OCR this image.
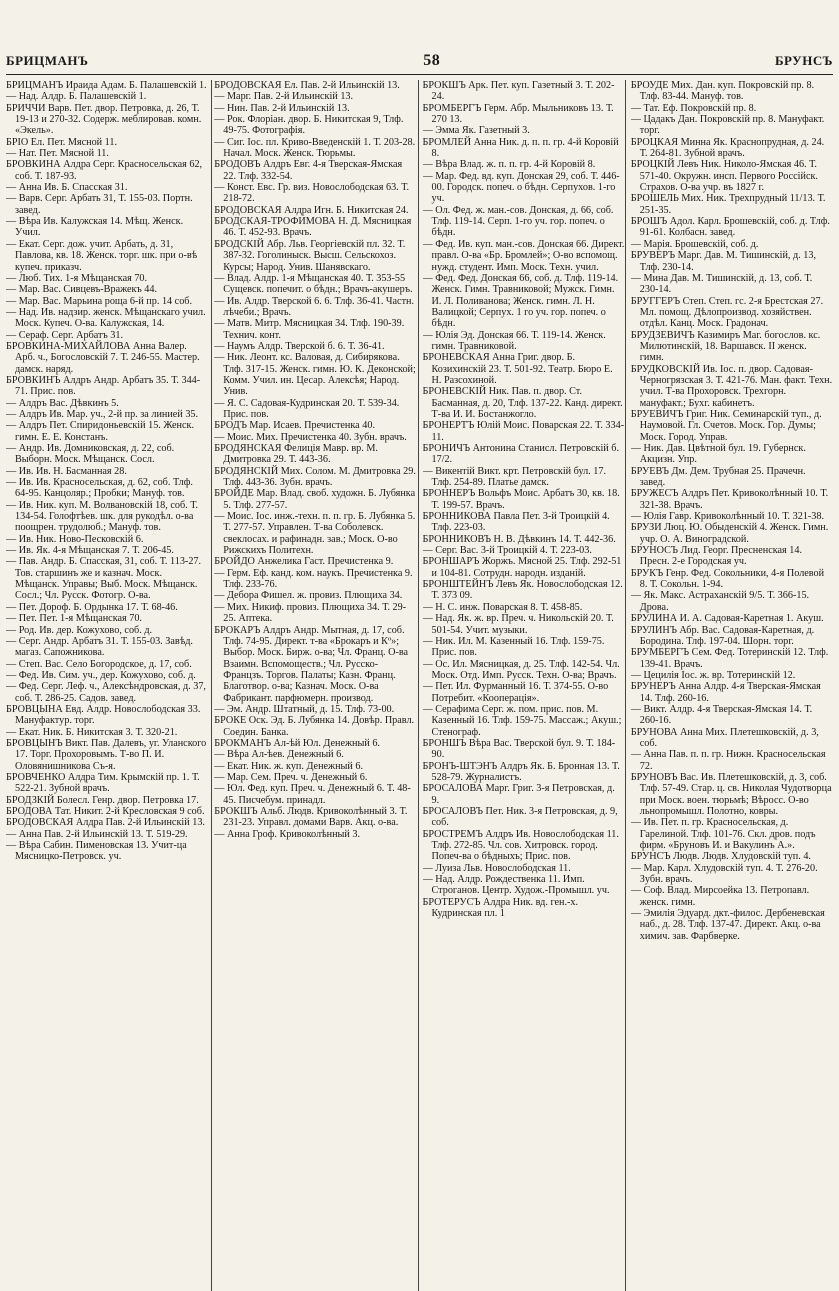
БРИЦМАНЪ	58	БРУНСЪ

БРИЦМАНЪ Ираида Адам. Б. Палашевскій 1.

— Над. Алдр. Б. Палашевскій 1.

БРИЧЧИ Варв. Пет. двор. Петровка, д. 26, Т. 19-13 и 270-32. Содерж. меблировав. комн. «Экель».

БРІО Ел. Пет. Мясной 11.

— Нат. Пет. Мясной 11.

БРОВКИНА Алдра Серг. Красносельская 62, соб. Т. 187-93.

— Анна Ив. Б. Спасская 31.

— Варв. Серг. Арбать 31, Т. 155-03. Портн. завед.

— Вѣра Ив. Калужская 14. Мѣщ. Женск. Учил.

— Екат. Серг. дож. учит. Арбать, д. 31, Павлова, кв. 18. Женск. торг. шк. при о-вѣ купеч. приказч.

— Люб. Тих. 1-я Мѣщанская 70.

— Мар. Вас. Сивцевъ-Вражекъ 44.

— Мар. Вас. Марьина роща 6-й пр. 14 соб.

— Над. Ив. надзир. женск. Мѣщанскаго учил. Моск. Купеч. О-ва. Калужская, 14.

— Сераф. Серг. Арбатъ 31.

БРОВКИНА-МИХАЙЛОВА Анна Валер. Арб. ч., Богословскій 7. Т. 246-55. Мастер. дамск. наряд.

БРОВКИНЪ Алдръ Андр. Арбатъ 35. Т. 344-71. Прис. пов.

— Алдръ Вас. Дѣвкинъ 5.

— Алдръ Ив. Мар. уч., 2-й пр. за линией 35.

— Алдръ Пет. Спиридоньевскій 15. Женск. гимн. Е. Е. Констанъ.

— Андр. Ив. Домниковская, д. 22, соб. Выборн. Моск. Мѣщанск. Сосл.

— Ив. Ив. Н. Басманная 28.

— Ив. Ив. Красносельская, д. 62, соб. Тлф. 64-95. Канцоляр.; Пробки; Мануф. тов.

— Ив. Ник. куп. М. Волвановскій 18, соб. Т. 134-54. Голофтѣев. шк. для рукодѣл. о-ва поощрен. трудолюб.; Мануф. тов.

— Ив. Ник. Ново-Песковскій 6.

— Ив. Як. 4-я Мѣщанская 7. Т. 206-45.

— Пав. Андр. Б. Спасская, 31, соб. Т. 113-27. Тов. старшинъ же и казнач. Моск. Мѣщанск. Управы; Выб. Моск. Мѣщанск. Сосл.; Чл. Русск. Фотогр. О-ва.

— Пет. Дороф. Б. Ордынка 17. Т. 68-46.

— Пет. Пет. 1-я Мѣщанская 70.

— Род. Ив. дер. Кожуховo, соб. д.

— Серг. Андр. Арбатъ 31. Т. 155-03. Завѣд. магаз. Сапожникова.

— Степ. Вас. Село Богородское, д. 17, соб.

— Фед. Ив. Сим. уч., дер. Кожухово, соб. д.

— Фед. Серг. Леф. ч., Алексѣндровская, д. 37, соб. Т. 286-25. Садов. завед.

БРОВЦЫНА Евд. Алдр. Новослободская 33. Мануфактур. торг.

— Екат. Ник. Б. Никитская 3. Т. 320-21.

БРОВЦЫНЪ Викт. Пав. Далевъ, уг. Уланского 17. Торг. Прохоровымъ. Т-во П. И. Оловянишникова Съ-я.

БРОВЧЕНКО Алдра Тим. Крымскій пр. 1. Т. 522-21. Зубной врачъ.

БРОДЗКІЙ Болесл. Генр. двор. Петровка 17.

БРОДОВА Тат. Никит. 2-й Кресловская 9 соб.

БРОДОВСКАЯ Алдра Пав. 2-й Ильинскій 13.

— Анна Пав. 2-й Ильинскій 13. Т. 519-29.

— Вѣра Сабин. Пименовская 13. Учит-ца Мясницко-Петровск. уч.

БРОДОВСКАЯ Ел. Пав. 2-й Ильинскій 13.

— Марг. Пав. 2-й Ильинскій 13.

— Нин. Пав. 2-й Ильинскій 13.

— Рок. Флоріан. двор. Б. Никитская 9, Тлф. 49-75. Фотографія.

— Сиг. Іос. пл. Криво-Введенскій 1. Т. 203-28. Начал. Моск. Женск. Тюрьмы.

БРОДОВЪ Алдръ Евг. 4-я Тверская-Ямская 22. Тлф. 332-54.

— Конст. Евс. Гр. виз. Новослободская 63. Т. 218-72.

БРОДОВСКАЯ Алдра Игн. Б. Никитская 24.

БРОДСКАЯ-ТРОФИМОВА Н. Д. Мясницкая 46. Т. 452-93. Врачъ.

БРОДСКІЙ Абр. Льв. Георгіевскій пл. 32. Т. 387-32. Гоголиныск. Высш. Сельскохоз. Курсы; Народ. Унив. Шанявскаго.

— Влад. Алдр. 1-я Мѣщанская 40. Т. 353-55 Сущевск. попечит. о бѣдн.; Врачъ-акушеръ.

— Ив. Алдр. Тверской 6. 6. Тлф. 36-41. Частн. лѣчеби.; Врачъ.

— Матв. Митр. Мясницкая 34. Тлф. 190-39. Технич. конт.

— Наумъ Алдр. Тверской б. 6. Т. 36-41.

— Ник. Леонт. кс. Валовая, д. Сибиряковa. Тлф. 317-15. Женск. гимн. Ю. К. Деконской; Комм. Учил. ин. Цесар. Алексѣя; Народ. Унив.

— Я. С. Садовая-Кудринская 20. Т. 539-34. Прис. пов.

БРОДЪ Мар. Исаев. Пречистенка 40.

— Моис. Мих. Пречистенка 40. Зубн. врачъ.

БРОДЯНСКАЯ Фелиція Мавр. вр. М. Дмитровка 29. Т. 443-36.

БРОДЯНСКІЙ Мих. Солом. М. Дмитровка 29. Тлф. 443-36. Зубн. врачъ.

БРОЙДЕ Мар. Влад. своб. художн. Б. Лубянка 5. Тлф. 277-57.

— Моис. Іос. инж.-техн. п. п. гр. Б. Лубянка 5. Т. 277-57. Управлен. Т-ва Соболевск. свеклосах. и рафинадн. зав.; Моск. О-во Рижскихъ Политехн.

БРОЙДО Анжелика Гаст. Пречистенка 9.

— Герм. Еф. канд. ком. наукъ. Пречистенка 9. Тлф. 233-76.

— Дебора Фишел. ж. провиз. Плющиха 34.

— Мих. Никиф. провиз. Плющиха 34. Т. 29-25. Аптека.

БРОКАРЪ Алдръ Андр. Мытная, д. 17, соб. Тлф. 74-95. Директ. т-ва «Брокаръ и Кº»; Выбор. Моск. Бирж. о-ва; Чл. Франц. О-ва Взаимн. Вспомоществ.; Чл. Русско-Францзъ. Торгов. Палаты; Казн. Франц. Благотвор. о-ва; Казнач. Моск. О-ва Фабрикант. парфюмерн. производ.

— Эм. Андр. Штатный, д. 15. Тлф. 73-00.

БРОКЕ Оск. Эд. Б. Лубянка 14. Довѣр. Правл. Соедин. Банка.

БРОКМАНЪ Ал-ѣй Юл. Денежный 6.

— Вѣра Ал-ѣев. Денежный 6.

— Екат. Ник. ж. куп. Денежный 6.

— Мар. Сем. Преч. ч. Денежный 6.

— Юл. Фед. куп. Преч. ч. Денежный 6. Т. 48-45. Писчебум. принадл.

БРОКШЪ Альб. Людв. Кривоколѣнный 3. Т. 231-23. Управл. домами Варв. Акц. о-ва.

— Анна Гроф. Кривоколѣнный 3.

БРОКШЪ Арк. Пет. куп. Газетный 3. Т. 202-24.

БРОМБЕРГЪ Герм. Абр. Мыльниковъ 13. Т. 270 13.

— Эмма Як. Газетный 3.

БРОМЛЕЙ Анна Ник. д. п. п. гр. 4-й Коровій 8.

— Вѣра Влад. ж. п. п. гр. 4-й Коровій 8.

— Мар. Фед. вд. куп. Донская 29, соб. Т. 446-00. Городск. попеч. о бѣдн. Серпухов. 1-го уч.

— Ол. Фед. ж. ман.-сов. Донская, д. 66, соб. Тлф. 119-14. Серп. 1-го уч. гор. попеч. о бѣдн.

— Фед. Ив. куп. ман.-сов. Донская 66. Директ. правл. О-ва «Бр. Бромлей»; О-во вспомощ. нужд. студент. Имп. Моск. Техн. учил.

— Фед. Фед. Донская 66, соб. д. Тлф. 119-14. Женск. Гимн. Травниковой; Мужск. Гимн. И. Л. Поливанова; Женск. гимн. Л. Н. Валицкой; Серпух. 1 го уч. гор. попеч. о бѣдн.

— Юлія Эд. Донская 66. Т. 119-14. Женск. гимн. Травниковой.

БРОНЕВСКАЯ Анна Григ. двор. Б. Козихинскій 23. Т. 501-92. Театр. Бюро Е. Н. Разсохиной.

БРОНЕВСКІЙ Ник. Пав. п. двор. Ст. Басманная, д. 20, Тлф. 137-22. Канд. директ. Т-ва И. И. Бостанжогло.

БРОНЕРТЪ Юлій Моис. Поварская 22. Т. 334-11.

БРОНИЧЪ Антонина Станисл. Петровскій б. 17/2.

— Викентій Викт. крт. Петровскій бул. 17. Тлф. 254-89. Платье дамск.

БРОННЕРЪ Вольфъ Моис. Арбатъ 30, кв. 18. Т. 199-57. Врачъ.

БРОННИКОВА Пaвла Пет. 3-й Троицкій 4. Тлф. 223-03.

БРОННИКОВЪ Н. В. Дѣвкинъ 14. Т. 442-36.

— Серг. Вас. 3-й Троицкій 4. Т. 223-03.

БРОНШАРЪ Жоржъ. Мясной 25. Тлф. 292-51 и 104-81. Сотрудн. народн. изданій.

БРОНШТЕЙНЪ Левъ Як. Новослободская 12. Т. 373 09.

— Н. С. инж. Поварская 8. Т. 458-85.

— Над. Як. ж. вр. Преч. ч. Никольскій 20. Т. 501-54. Учит. музыки.

— Ник. Ил. М. Казенный 16. Тлф. 159-75. Прис. пов.

— Ос. Ил. Мясницкая, д. 25. Тлф. 142-54. Чл. Моск. Отд. Имп. Русск. Техн. О-ва; Врачъ.

— Пет. Ил. Фурманный 16. Т. 374-55. О-во Потребит. «Кооперація».

— Серафима Серг. ж. пом. прис. пов. М. Казенный 16. Тлф. 159-75. Массаж.; Акуш.; Стенограф.

БРОНШЪ Вѣра Вас. Тверской бул. 9. Т. 184-90.

БРОНЪ-ШТЭНЪ Алдръ Як. Б. Бронная 13. Т. 528-79. Журналистъ.

БРОСАЛОВА Марг. Григ. 3-я Петровская, д. 9.

БРОСАЛОВЪ Пет. Ник. 3-я Петровская, д. 9, соб.

БРОСТРЕМЪ Алдръ Ив. Новослободская 11. Тлф. 272-85. Чл. сов. Хитровск. город. Попеч-ва о бѣдныхъ; Прис. пов.

— Луиза Льв. Новослободская 11.

— Над. Алдр. Рождественка 11. Имп. Строганов. Центр. Худож.-Промышл. уч.

БРОТЕРУСЪ Алдра Ник. вд. ген.-х. Кудринская пл. 1

БРОУДЕ Мих. Дан. куп. Покровскій пр. 8. Тлф. 83-44. Мануф. тов.

— Тат. Еф. Покровскій пр. 8.

— Цадакъ Дан. Покровскій пр. 8. Мануфакт. торг.

БРОЦКАЯ Минна Як. Краснопрудная, д. 24. Т. 264-81. Зубной врачъ.

БРОЦКІЙ Левъ Ник. Николо-Ямская 46. Т. 571-40. Окружн. инсп. Первого Россійск. Страхов. О-ва учр. въ 1827 г.

БРОШЕЛЬ Мих. Ник. Трехпрудный 11/13. Т. 251-35.

БРОШЪ Адол. Карл. Брошевскій, соб. д. Тлф. 91-61. Колбасн. завед.

— Марія. Брошевскій, соб. д.

БРУВЕРЪ Марг. Дав. М. Тишинскій, д. 13, Тлф. 230-14.

— Мина Дав. М. Тишинскій, д. 13, соб. Т. 230-14.

БРУГГЕРЪ Степ. Степ. гс. 2-я Брестская 27. Мл. помощ. Дѣлопроизвод. хозяйствен. отдѣл. Канц. Моск. Градонач.

БРУДЗЕВИЧЪ Казимиръ Маг. богослов. кс. Милютинскій, 18. Варшавск. II женск. гимн.

БРУДКОВСКІЙ Ив. Іос. п. двор. Садовая-Черногрязская 3. Т. 421-76. Ман. факт. Техн. учил. Т-ва Прохоровск. Трехгорн. мануфакт.; Бухг. кабинетъ.

БРУЕВИЧЪ Григ. Ник. Семинарскій туп., д. Наумовой. Гл. Счетов. Моск. Гор. Думы; Моск. Город. Управ.

— Ник. Дав. Цвѣтной бул. 19. Губернск. Акцизн. Упр.

БРУЕВЪ Дм. Дем. Трубная 25. Прачечн. завед.

БРУЖЕСЪ Алдръ Пет. Кривоколѣнный 10. Т. 321-38. Врачъ.

— Юлія Гавр. Кривоколѣнный 10. Т. 321-38.

БРУЗИ Люц. Ю. Обыденскій 4. Женск. Гимн. учр. О. А. Виноградской.

БРУНОСЪ Лид. Георг. Пресненская 14. Пресн. 2-е Городская уч.

БРУКЪ Генр. Фед. Сокольники, 4-я Полевой 8. Т. Сокольн. 1-94.

— Як. Макс. Астраханскій 9/5. Т. 366-15. Дрова.

БРУЛИНА И. А. Садовая-Каретная 1. Акуш.

БРУЛИНЪ Абр. Вас. Садовая-Каретная, д. Бородина. Тлф. 197-04. Шорн. торг.

БРУМБЕРГЪ Сем. Фед. Тотеринскій 12. Тлф. 139-41. Врачъ.

— Цецилія Іос. ж. вр. Тотеринскій 12.

БРУНЕРЪ Анна Алдр. 4-я Тверская-Ямская 14. Тлф. 260-16.

— Викт. Алдр. 4-я Тверская-Ямская 14. Т. 260-16.

БРУНОВА Анна Мих. Плетешковскій, д. 3, соб.

— Анна Пав. п. п. гр. Нижн. Красносельская 72.

БРУНОВЪ Вас. Ив. Плетешковскій, д. 3, соб. Тлф. 57-49. Стар. ц. св. Николая Чудотворца при Моск. воен. тюрьмѣ; Вѣросс. О-во льнопромышл. Полотно, ковры.

— Ив. Пет. п. гр. Красносельская, д. Гарелиной. Тлф. 101-76. Скл. дров. подъ фирм. «Бруновъ И. и Вакулинъ А.».

БРУНСЪ Людв. Людв. Хлудовскій туп. 4.

— Мар. Карл. Хлудовскій туп. 4. Т. 276-20. Зубн. врачъ.

— Соф. Влад. Мирсоейка 13. Петропавл. женск. гимн.

— Эмилія Эдуард. дкт.-филос. Дербеневская наб., д. 28. Тлф. 137-47. Директ. Акц. о-ва химич. зав. Фарбверке.
